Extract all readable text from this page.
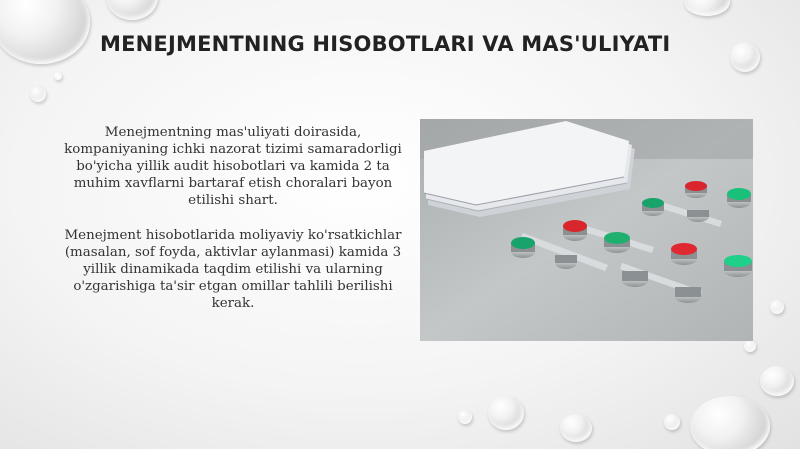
MENEJMENTNING HISOBOTLARI VA MAS'ULIYATI

Menejmentning mas'uliyati doirasida, kompaniyaning ichki nazorat tizimi samaradorligi bo'yicha yillik audit hisobotlari va kamida 2 ta muhim xavflarni bartaraf etish choralari bayon etilishi shart.

Menejment hisobotlarida moliyaviy ko'rsatkichlar (masalan, sof foyda, aktivlar aylanmasi) kamida 3 yillik dinamikada taqdim etilishi va ularning o'zgarishiga ta'sir etgan omillar tahlili berilishi kerak.
